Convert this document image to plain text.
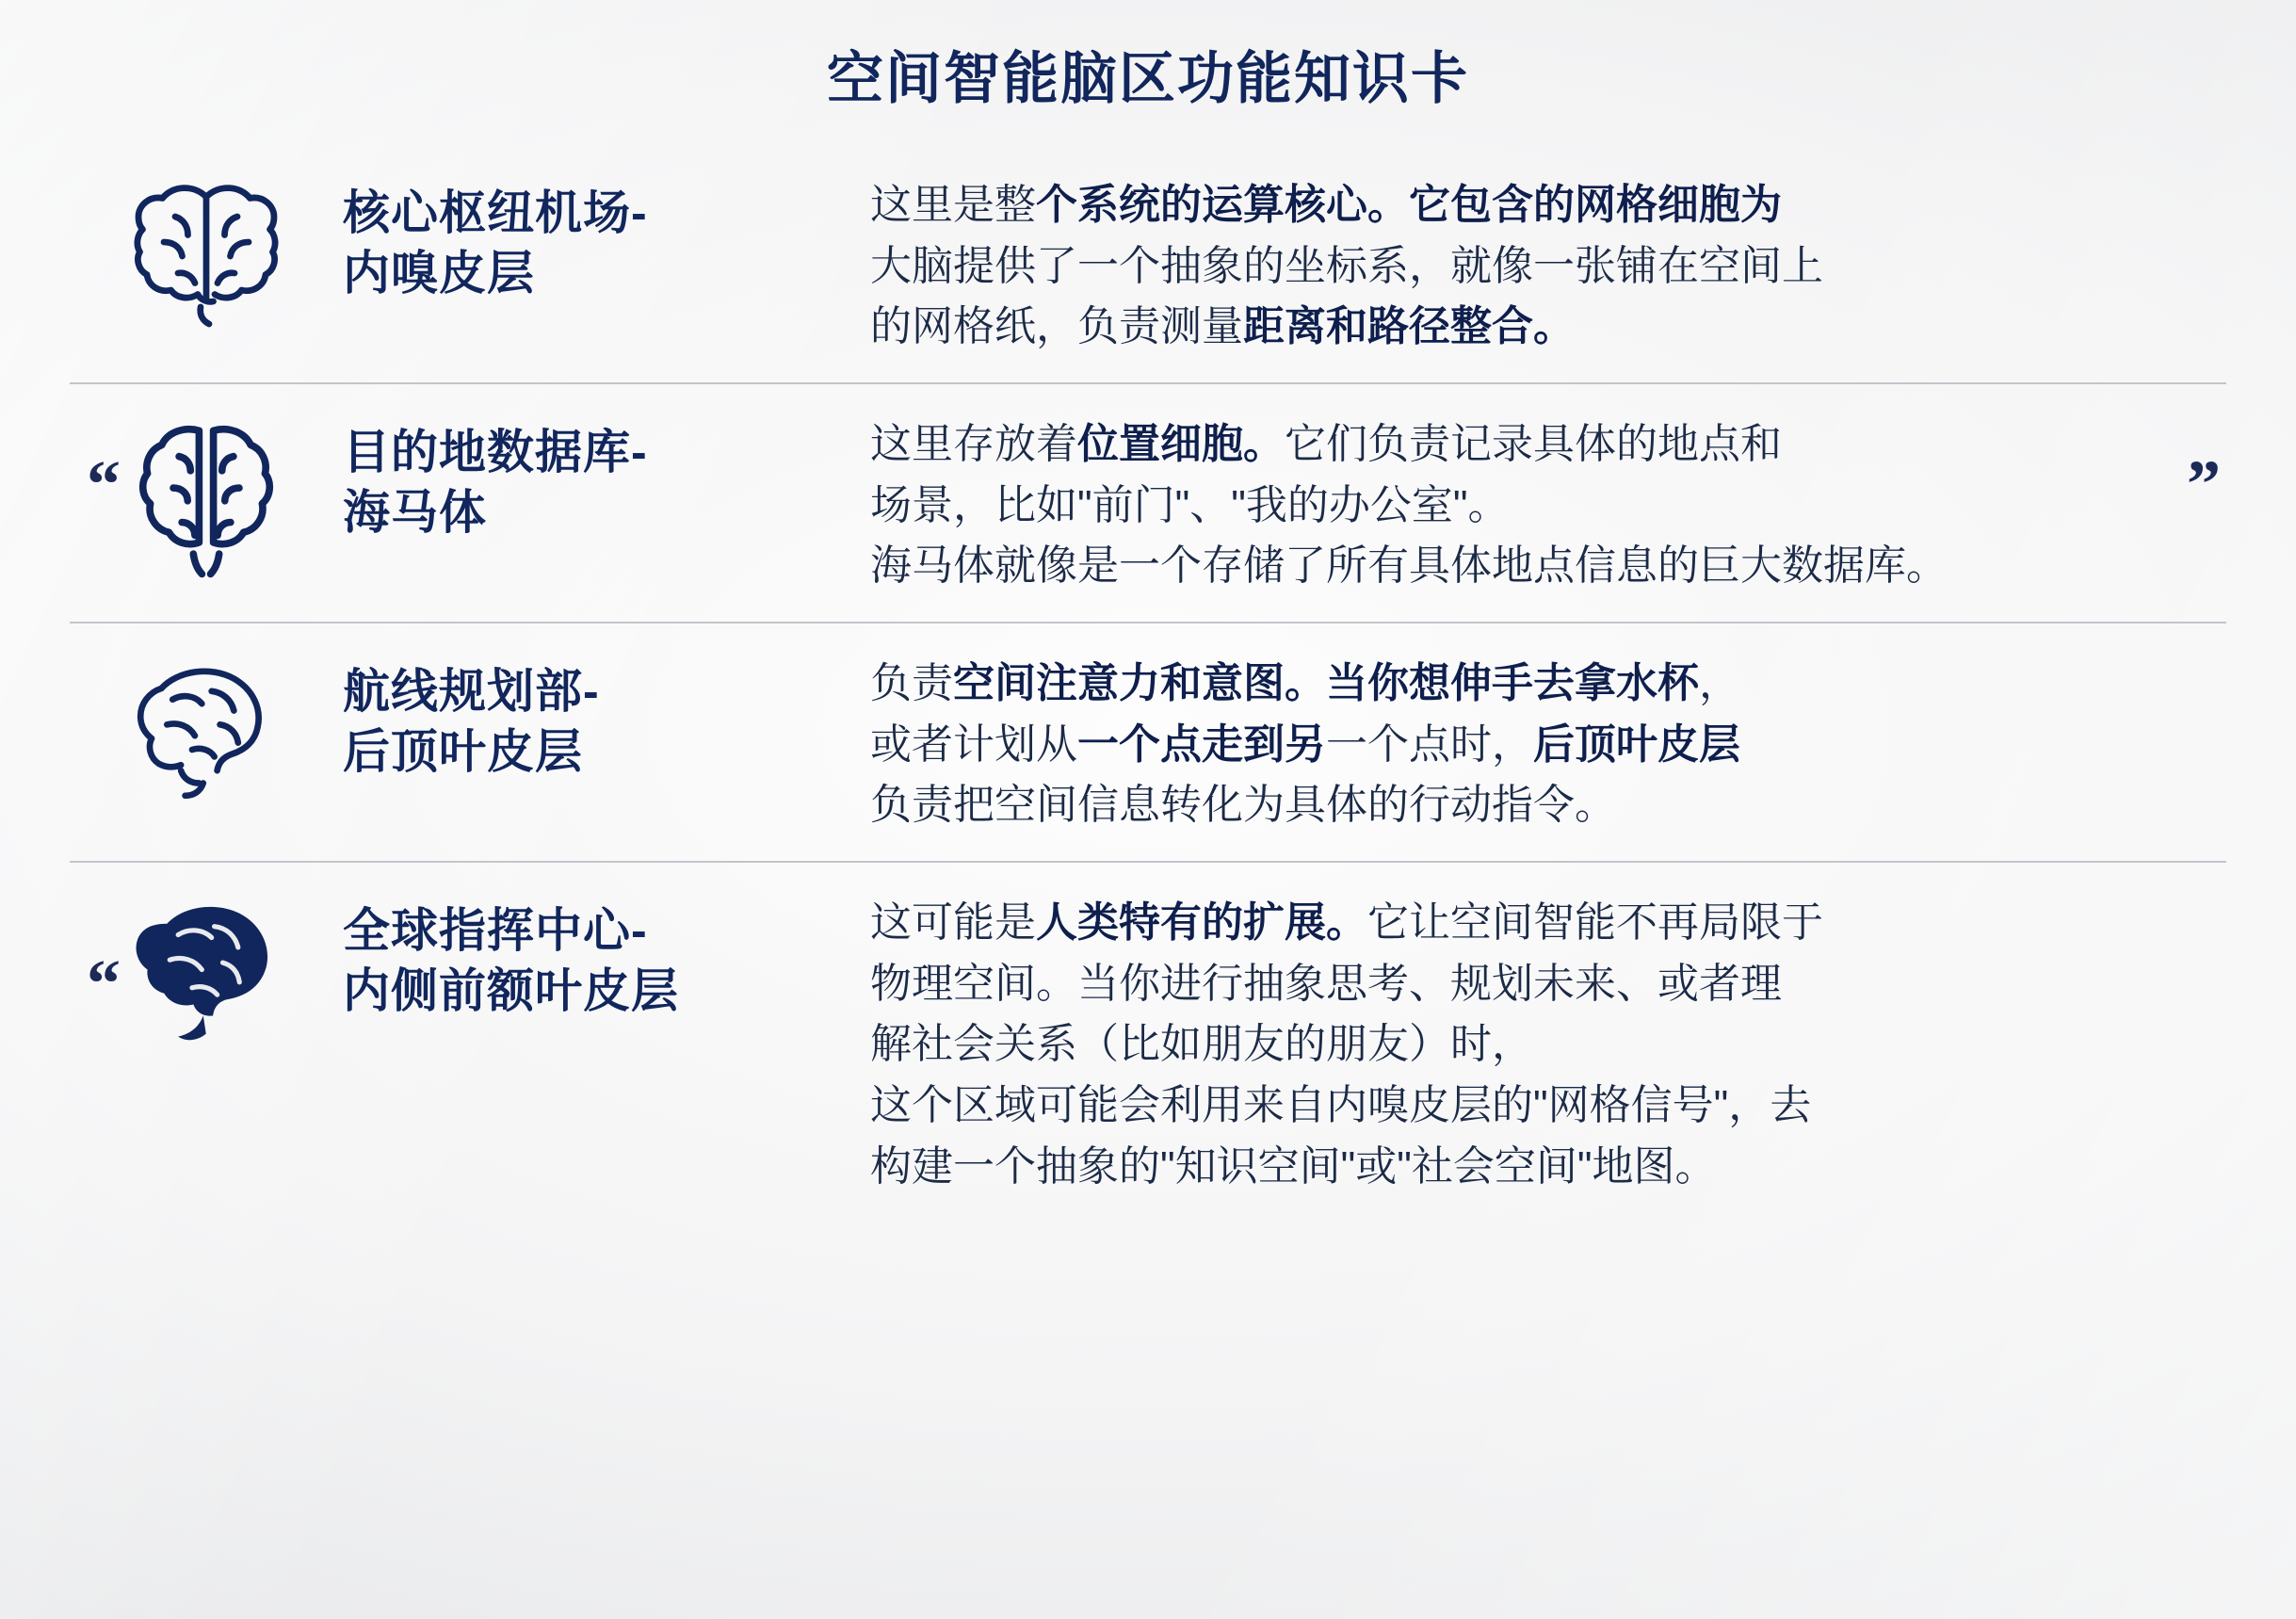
空间智能脑区功能知识卡
核心枢纽机场-
内嗅皮层

这里是整个系统的运算核心。它包含的网格细胞为

大脑提供了一个抽象的坐标系，就像一张铺在空间上

的网格纸，负责测量距离和路径整合。

“	”
目的地数据库-
海马体

这里存放着位置细胞。它们负责记录具体的地点和

场景，比如"前门"、"我的办公室"。

海马体就像是一个存储了所有具体地点信息的巨大数据库。

航线规划部-
后顶叶皮层

负责空间注意力和意图。当你想伸手去拿水杯，

或者计划从一个点走到另一个点时，后顶叶皮层

负责把空间信息转化为具体的行动指令。

“
全球指挥中心-
内侧前额叶皮层

这可能是人类特有的扩展。它让空间智能不再局限于

物理空间。当你进行抽象思考、规划未来、或者理

解社会关系（比如朋友的朋友）时，

这个区域可能会利用来自内嗅皮层的"网格信号"，去

构建一个抽象的"知识空间"或"社会空间"地图。
